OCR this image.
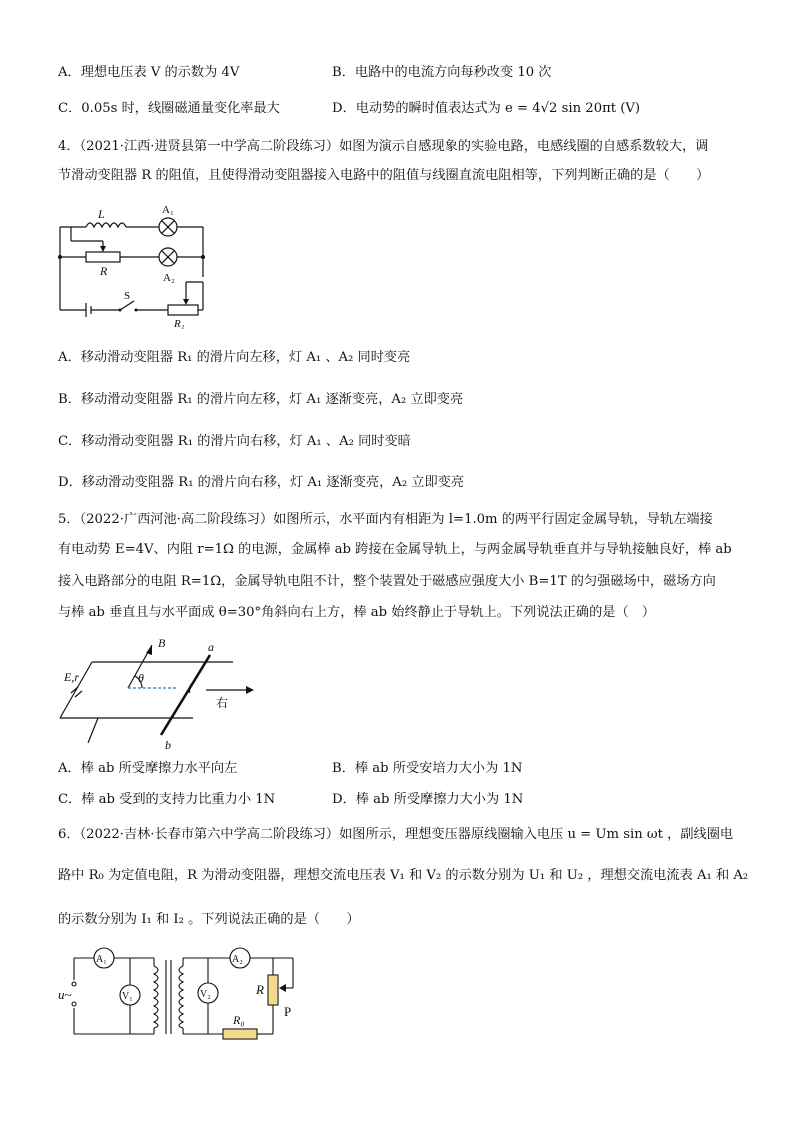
A．理想电压表 V 的示数为 4V	B．电路中的电流方向每秒改变 10 次
C．0.05s 时，线圈磁通量变化率最大	D．电动势的瞬时值表达式为 e = 4√2 sin 20πt (V)
4．（2021·江西·进贤县第一中学高二阶段练习）如图为演示自感现象的实验电路，电感线圈的自感系数较大，调
节滑动变阻器 R 的阻值，且使得滑动变阻器接入电路中的阻值与线圈直流电阻相等，下列判断正确的是（　　）
L	A₁
R	A₂
S
R₁
A．移动滑动变阻器 R₁ 的滑片向左移，灯 A₁ 、A₂ 同时变亮
B．移动滑动变阻器 R₁ 的滑片向左移，灯 A₁ 逐渐变亮，A₂ 立即变亮
C．移动滑动变阻器 R₁ 的滑片向右移，灯 A₁ 、A₂ 同时变暗
D．移动滑动变阻器 R₁ 的滑片向右移，灯 A₁ 逐渐变亮，A₂ 立即变亮
5．（2022·广西河池·高二阶段练习）如图所示，水平面内有相距为 l=1.0m 的两平行固定金属导轨，导轨左端接
有电动势 E=4V、内阻 r=1Ω 的电源，金属棒 ab 跨接在金属导轨上，与两金属导轨垂直并与导轨接触良好，棒 ab
接入电路部分的电阻 R=1Ω，金属导轨电阻不计，整个装置处于磁感应强度大小 B=1T 的匀强磁场中，磁场方向
与棒 ab 垂直且与水平面成 θ=30°角斜向右上方，棒 ab 始终静止于导轨上。下列说法正确的是（　）
B	a
E,r	θ
l
右
b
A．棒 ab 所受摩擦力水平向左	B．棒 ab 所受安培力大小为 1N
C．棒 ab 受到的支持力比重力小 1N	D．棒 ab 所受摩擦力大小为 1N
6．（2022·吉林·长春市第六中学高二阶段练习）如图所示，理想变压器原线圈输入电压 u = Um sin ωt ，副线圈电
路中 R₀ 为定值电阻，R 为滑动变阻器，理想交流电压表 V₁ 和 V₂ 的示数分别为 U₁ 和 U₂ ，理想交流电流表 A₁ 和 A₂
的示数分别为 I₁ 和 I₂ 。下列说法正确的是（　　）
A₁
V₁
A₂
V₂
u~	R
P
R₀
